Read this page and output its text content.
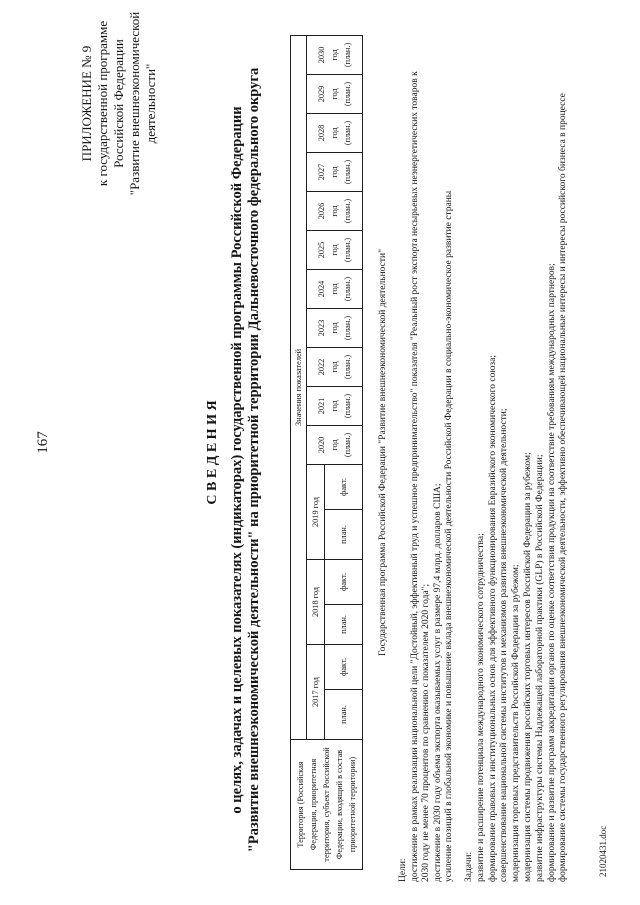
167
ПРИЛОЖЕНИЕ № 9 к государственной программе Российской Федерации "Развитие внешнеэкономической деятельности"
С В Е Д Е Н И Я о целях, задачах и целевых показателях (индикаторах) государственной программы Российской Федерации "Развитие внешнеэкономической деятельности" на приоритетной территории Дальневосточного федерального округа	Территория (Российская Федерация, приоритетная территория, субъект Российской Федерации, входящий в состав приоритетной территории)	Значения показателей																
	2017 год		2018 год		2019 год		2020 год (план.)	2021 год (план.)	2022 год (план.)	2023 год (план.)	2024 год (план.)	2025 год (план.)	2026 год (план.)	2027 год (план.)	2028 год (план.)	2029 год (план.)	2030 год (план.)

	план.	факт.	план.	факт.	план.	факт.												Государственная программа Российской Федерации "Развитие внешнеэкономической деятельности"
Цели: достижение в рамках реализации национальной цели "Достойный, эффективный труд и успешное предпринимательство" показателя "Реальный рост экспорта несырьевых неэнергетических товаров к 2030 году не менее 70 процентов по сравнению с показателем 2020 года"; достижение в 2030 году объема экспорта оказываемых услуг в размере 97,4 млрд. долларов США; усиление позиций в глобальной экономике и повышение вклада внешнеэкономической деятельности Российской Федерации в социально-экономическое развитие страны Задачи: развитие и расширение потенциала международного экономического сотрудничества; формирование правовых и институциональных основ для эффективного функционирования Евразийского экономического союза; совершенствование национальной системы институтов и механизмов развития внешнеэкономической деятельности; модернизация торговых представительств Российской Федерации за рубежом; модернизация системы продвижения российских торговых интересов Российской Федерации за рубежом; развитие инфраструктуры системы Надлежащей лабораторной практики (GLP) в Российской Федерации; формирование и развитие программ аккредитации органов по оценке соответствия продукции на соответствие требованиям международных партнеров; формирование системы государственного регулирования внешнеэкономической деятельности, эффективно обеспечивающей национальные интересы и интересы российского бизнеса в процессе	21020431.doc
